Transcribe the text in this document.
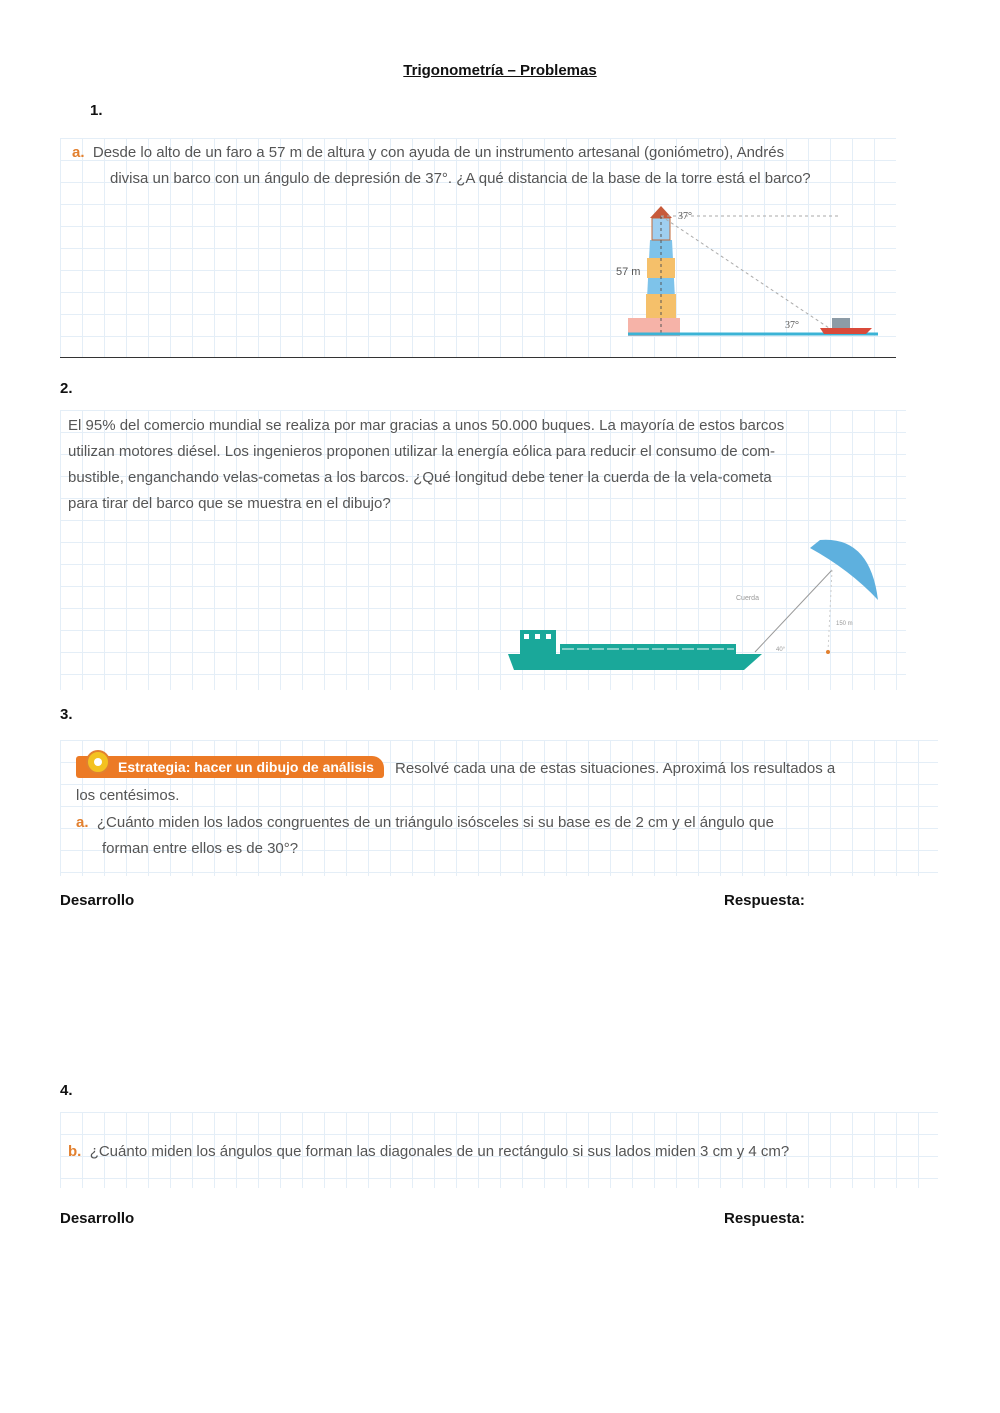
Trigonometría – Problemas
1.
a. Desde lo alto de un faro a 57 m de altura y con ayuda de un instrumento artesanal (goniómetro), Andrés
divisa un barco con un ángulo de depresión de 37°. ¿A qué distancia de la base de la torre está el barco?
37°
57 m
37°
2.
El 95% del comercio mundial se realiza por mar gracias a unos 50.000 buques. La mayoría de estos barcos
utilizan motores diésel. Los ingenieros proponen utilizar la energía eólica para reducir el consumo de com-
bustible, enganchando velas-cometas a los barcos. ¿Qué longitud debe tener la cuerda de la vela-cometa
para tirar del barco que se muestra en el dibujo?
Cuerda
150 m
40°
3.
Estrategia: hacer un dibujo de análisis	Resolvé cada una de estas situaciones. Aproximá los resultados a
los centésimos.
a. ¿Cuánto miden los lados congruentes de un triángulo isósceles si su base es de 2 cm y el ángulo que
forman entre ellos es de 30°?
Desarrollo	Respuesta:
4.
b. ¿Cuánto miden los ángulos que forman las diagonales de un rectángulo si sus lados miden 3 cm y 4 cm?
Desarrollo	Respuesta:
